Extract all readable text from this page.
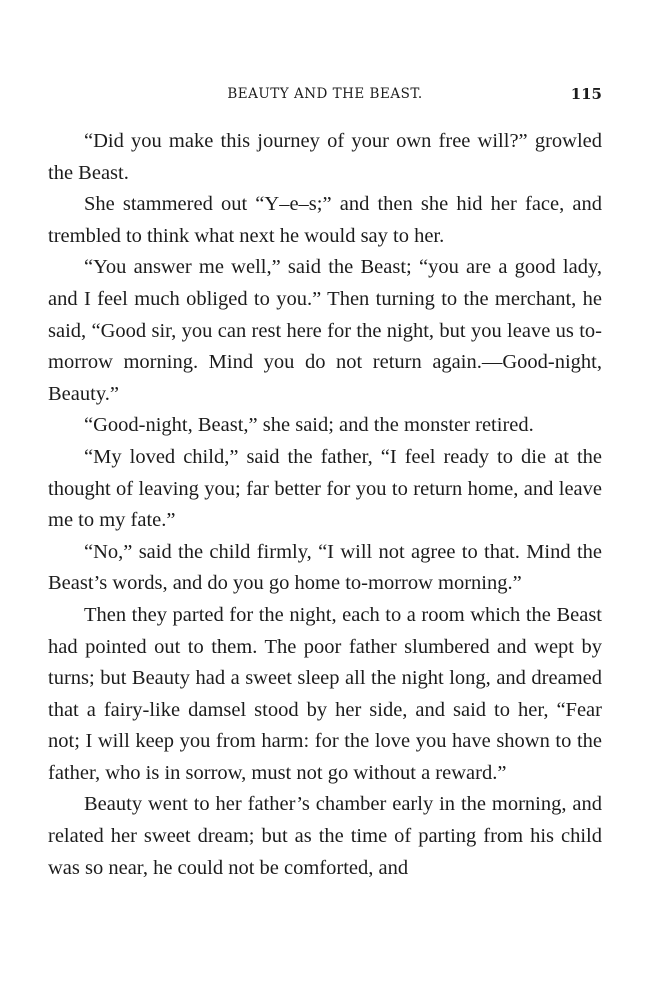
BEAUTY AND THE BEAST.	115

“Did you make this journey of your own free will?” growled the Beast.

She stammered out “Y–e–s;” and then she hid her face, and trembled to think what next he would say to her.

“You answer me well,” said the Beast; “you are a good lady, and I feel much obliged to you.” Then turning to the merchant, he said, “Good sir, you can rest here for the night, but you leave us to-morrow morning. Mind you do not return again.—Good-night, Beauty.”

“Good-night, Beast,” she said; and the monster retired.

“My loved child,” said the father, “I feel ready to die at the thought of leaving you; far better for you to return home, and leave me to my fate.”

“No,” said the child firmly, “I will not agree to that. Mind the Beast’s words, and do you go home to-morrow morning.”

Then they parted for the night, each to a room which the Beast had pointed out to them. The poor father slumbered and wept by turns; but Beauty had a sweet sleep all the night long, and dreamed that a fairy-like damsel stood by her side, and said to her, “Fear not; I will keep you from harm: for the love you have shown to the father, who is in sorrow, must not go without a reward.”

Beauty went to her father’s chamber early in the morning, and related her sweet dream; but as the time of parting from his child was so near, he could not be comforted, and
